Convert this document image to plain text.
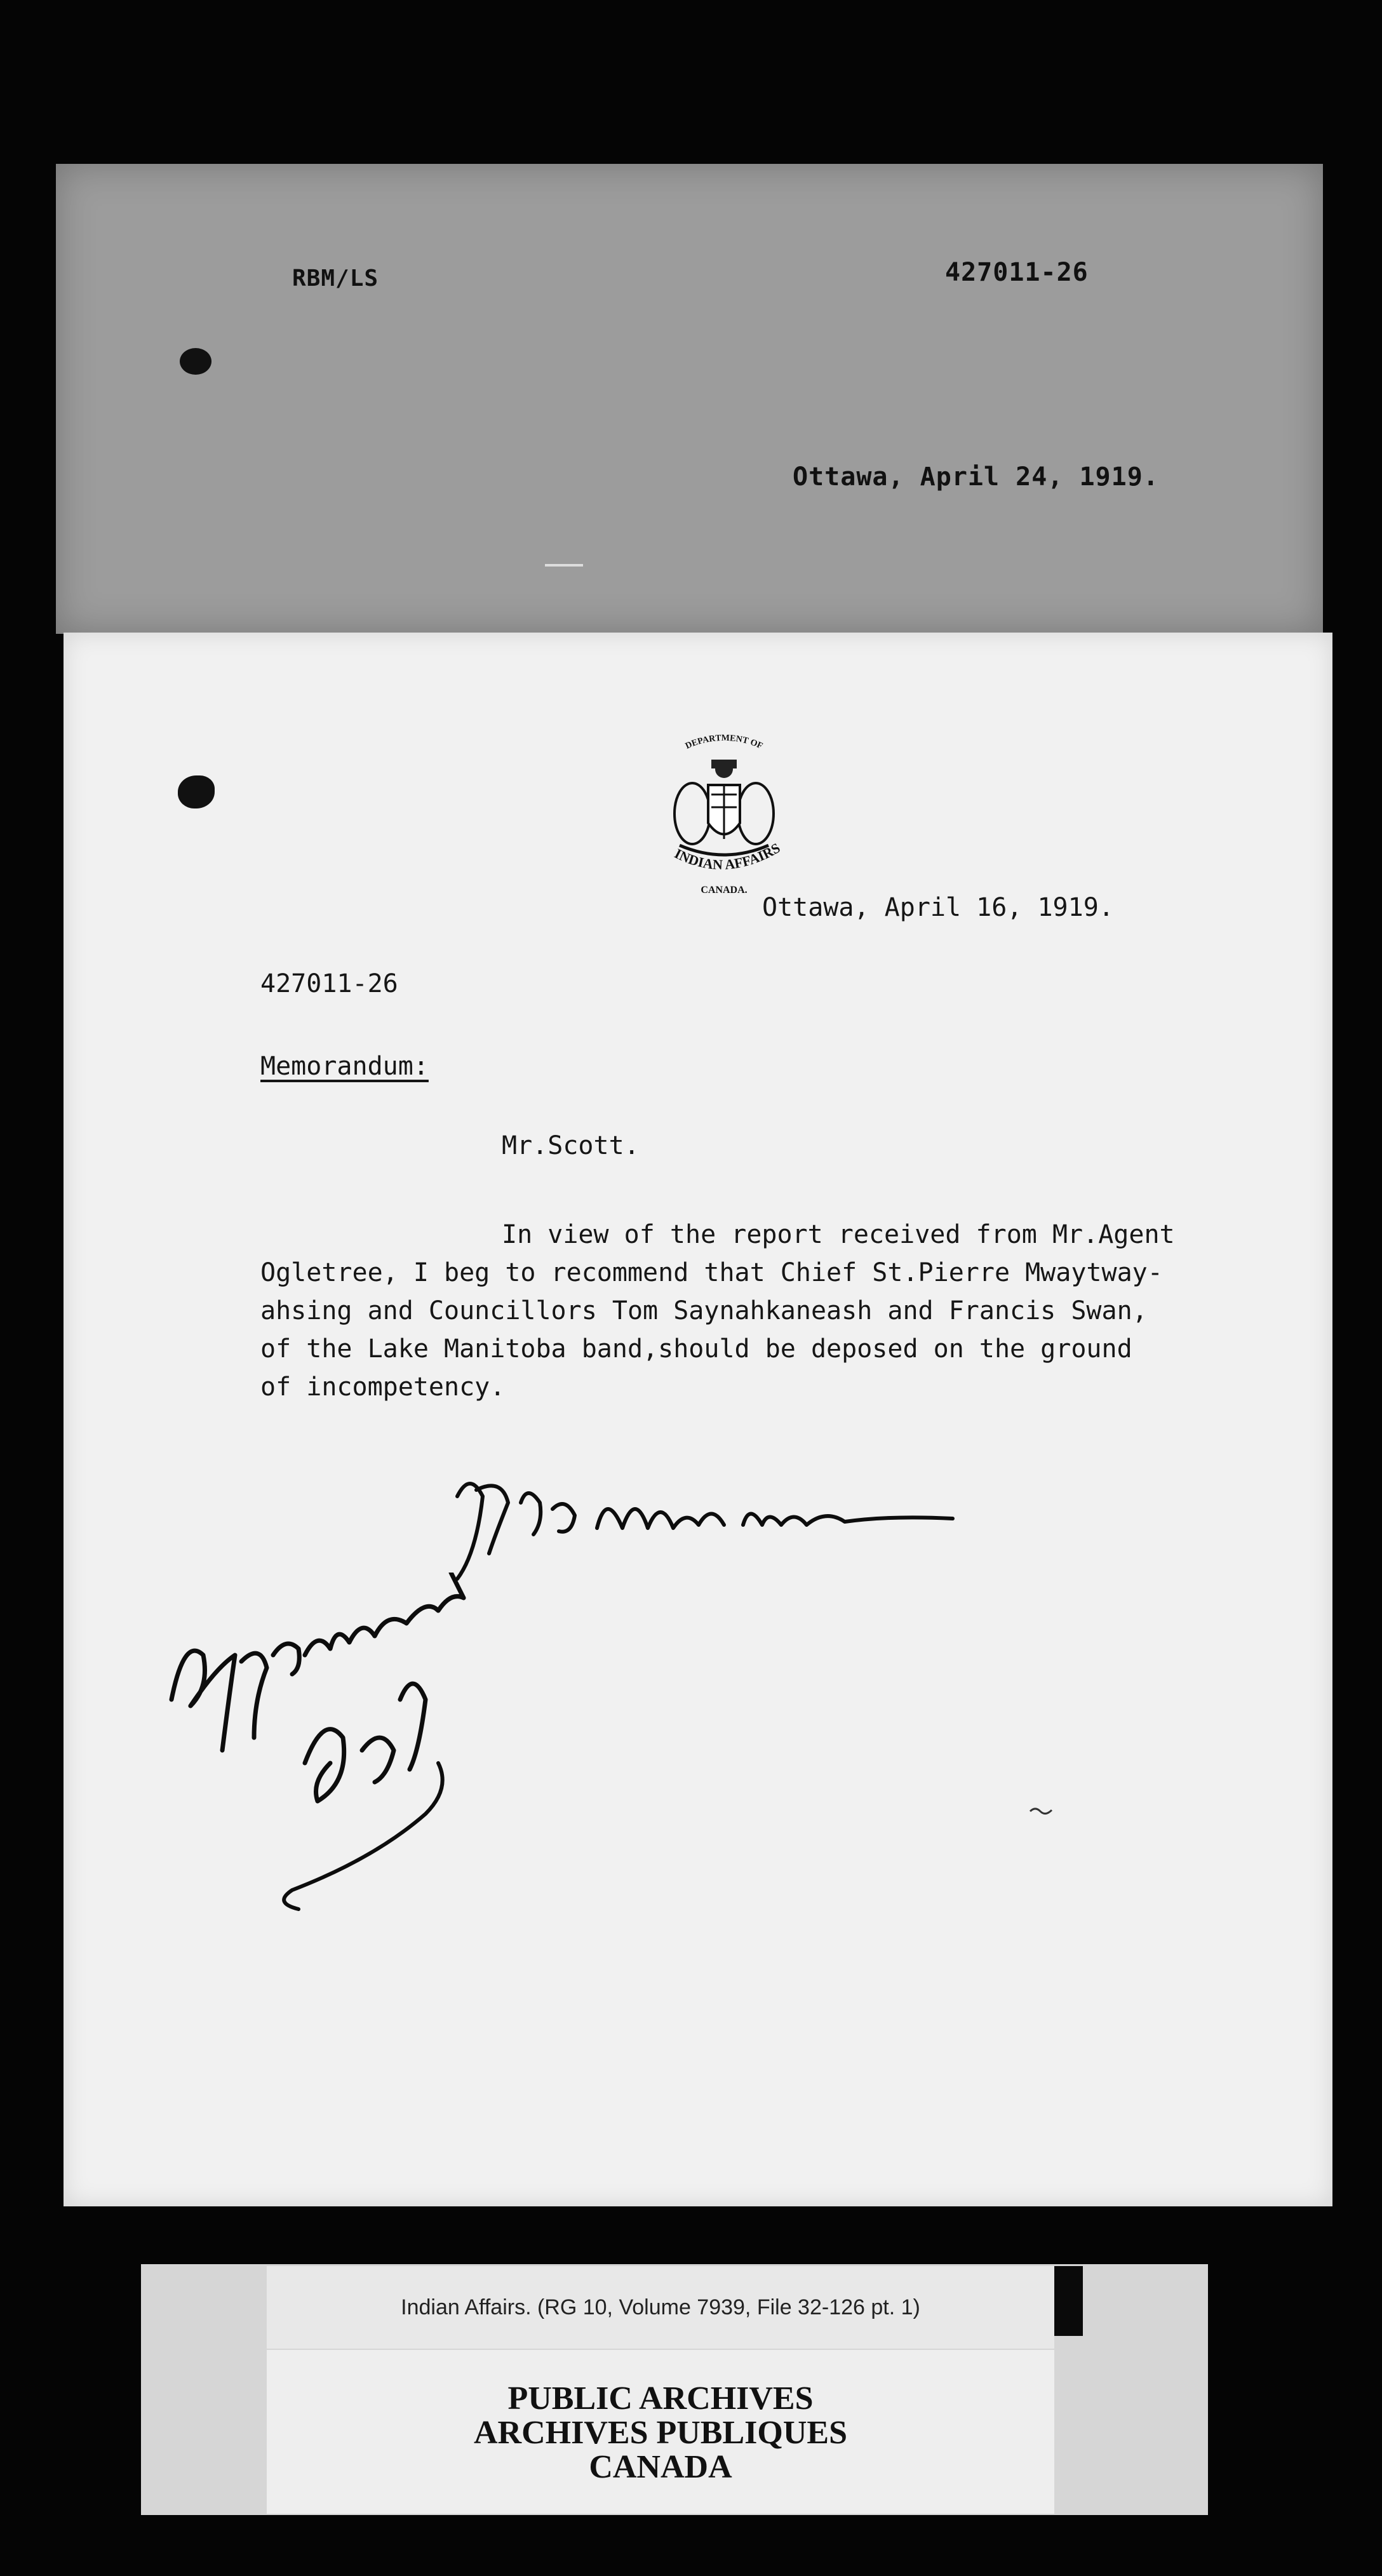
RBM/LS	427011-26
Ottawa, April 24, 1919.
DEPARTMENT OF
INDIAN AFFAIRS
CANADA.
Ottawa, April 16, 1919.
427011-26
Memorandum:
Mr.Scott.
In view of the report received from Mr.Agent
Ogletree, I beg to recommend that Chief St.Pierre Mwaytway-
ahsing and Councillors Tom Saynahkaneash and Francis Swan,
of the Lake Manitoba band,should be deposed on the ground
of incompetency.
Indian Affairs. (RG 10, Volume 7939, File 32-126 pt. 1)
PUBLIC ARCHIVES
ARCHIVES PUBLIQUES
CANADA
